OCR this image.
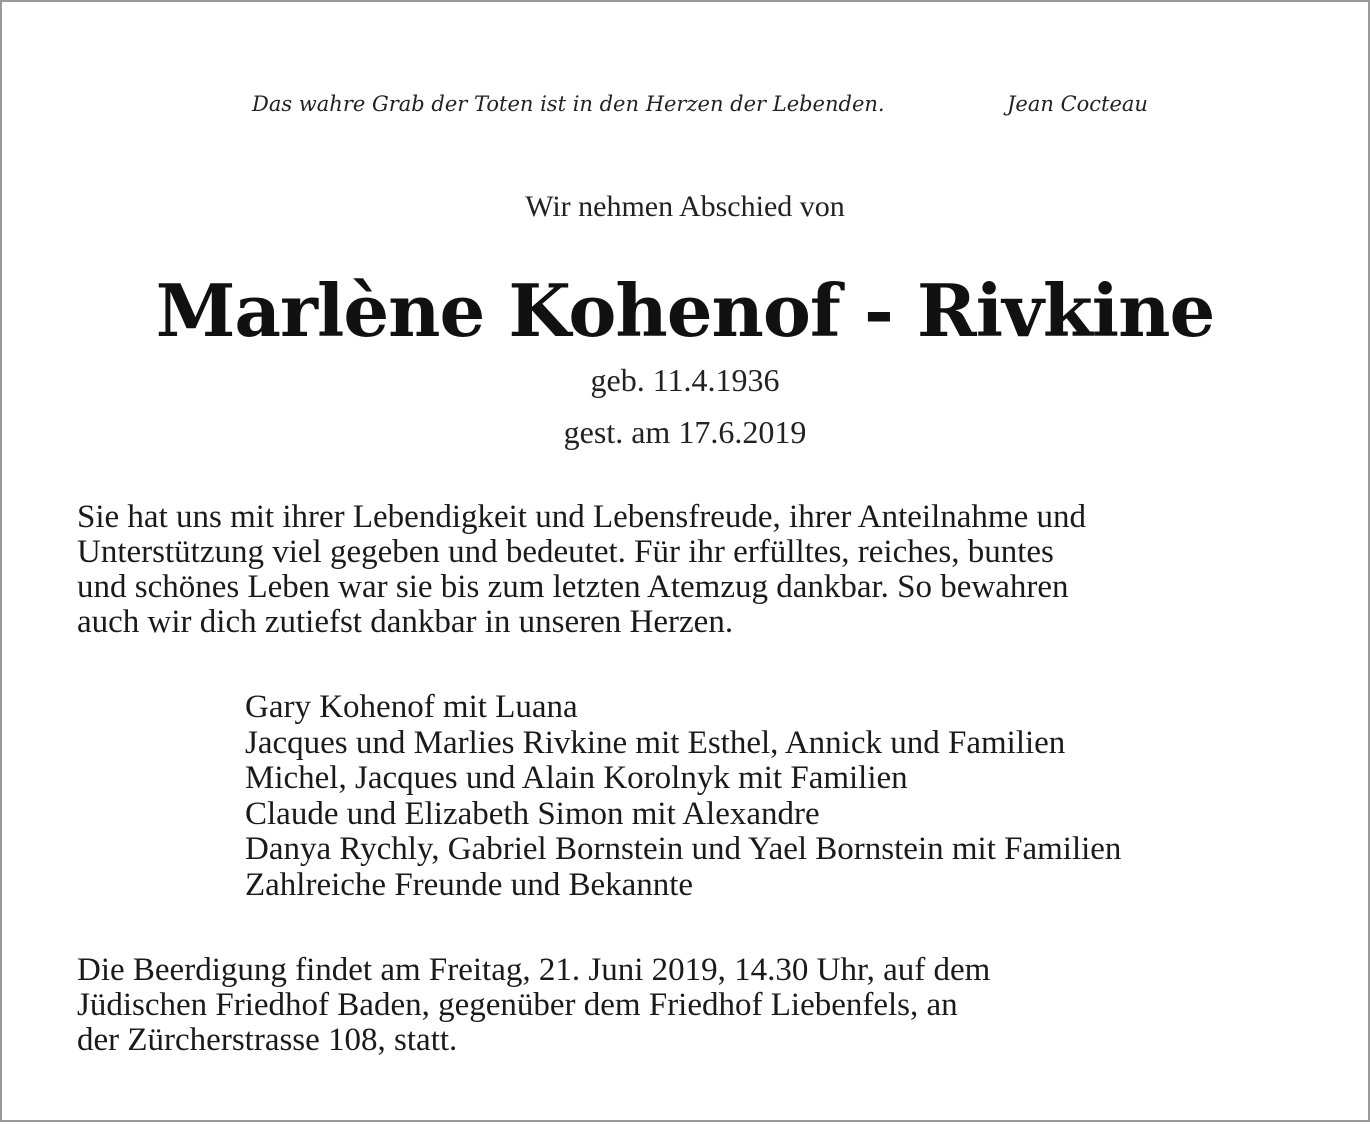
Das wahre Grab der Toten ist in den Herzen der Lebenden.	Jean Cocteau
Wir nehmen Abschied von
Marlène Kohenof - Rivkine
geb. 11.4.1936
gest. am 17.6.2019
Sie hat uns mit ihrer Lebendigkeit und Lebensfreude, ihrer Anteilnahme und
Unterstützung viel gegeben und bedeutet. Für ihr erfülltes, reiches, buntes
und schönes Leben war sie bis zum letzten Atemzug dankbar. So bewahren
auch wir dich zutiefst dankbar in unseren Herzen.
Gary Kohenof mit Luana
Jacques und Marlies Rivkine mit Esthel, Annick und Familien
Michel, Jacques und Alain Korolnyk mit Familien
Claude und Elizabeth Simon mit Alexandre
Danya Rychly, Gabriel Bornstein und Yael Bornstein mit Familien
Zahlreiche Freunde und Bekannte
Die Beerdigung findet am Freitag, 21. Juni 2019, 14.30 Uhr, auf dem
Jüdischen Friedhof Baden, gegenüber dem Friedhof Liebenfels, an
der Zürcherstrasse 108, statt.
